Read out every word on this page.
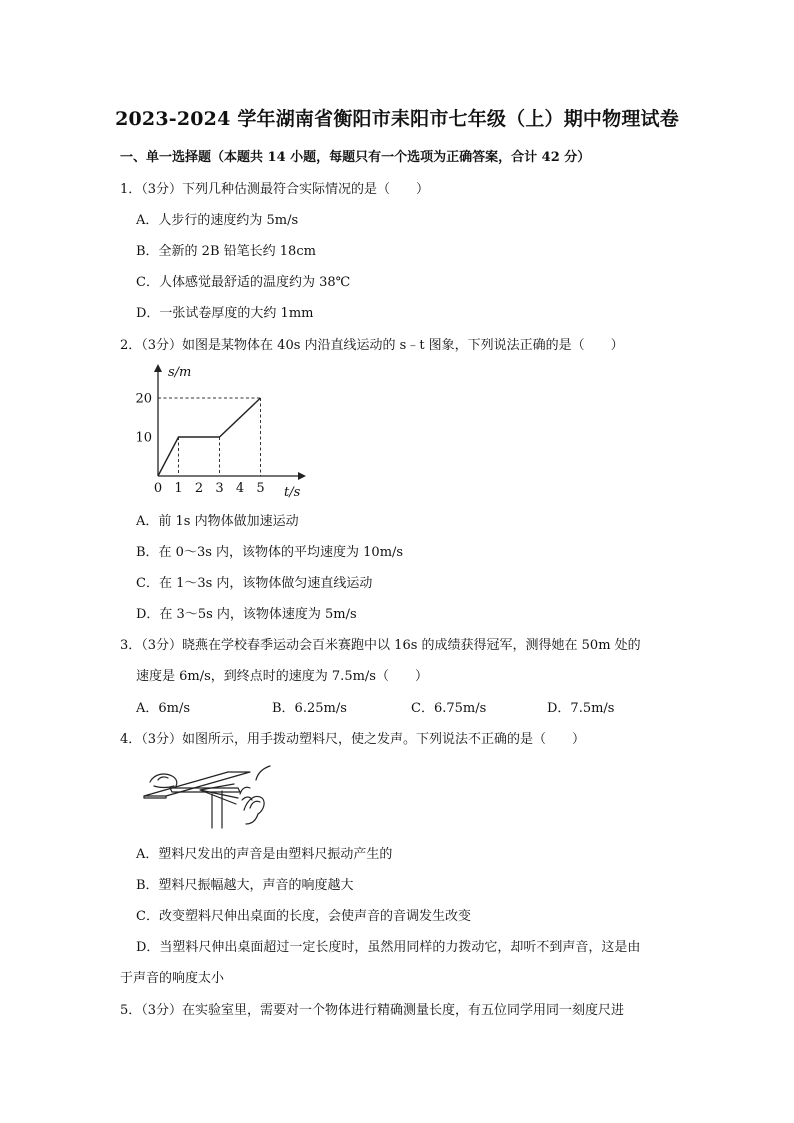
2023-2024 学年湖南省衡阳市耒阳市七年级（上）期中物理试卷
一、单一选择题（本题共 14 小题，每题只有一个选项为正确答案，合计 42 分）
1．（3分）下列几种估测最符合实际情况的是（　　）
A．人步行的速度约为 5m/s
B．全新的 2B 铅笔长约 18cm
C．人体感觉最舒适的温度约为 38℃
D．一张试卷厚度的大约 1mm
2．（3分）如图是某物体在 40s 内沿直线运动的 s﹣t 图象，下列说法正确的是（　　）
0 1 2 3 4 5
10
20
s/m
t/s
A．前 1s 内物体做加速运动
B．在 0～3s 内，该物体的平均速度为 10m/s
C．在 1～3s 内，该物体做匀速直线运动
D．在 3～5s 内，该物体速度为 5m/s
3．（3分）晓燕在学校春季运动会百米赛跑中以 16s 的成绩获得冠军，测得她在 50m 处的
速度是 6m/s，到终点时的速度为 7.5m/s（　　）
A．6m/s	B．6.25m/s	C．6.75m/s	D．7.5m/s
4．（3分）如图所示，用手拨动塑料尺，使之发声。下列说法不正确的是（　　）
A．塑料尺发出的声音是由塑料尺振动产生的
B．塑料尺振幅越大，声音的响度越大
C．改变塑料尺伸出桌面的长度，会使声音的音调发生改变
D．当塑料尺伸出桌面超过一定长度时，虽然用同样的力拨动它，却听不到声音，这是由
于声音的响度太小
5．（3分）在实验室里，需要对一个物体进行精确测量长度，有五位同学用同一刻度尺进
